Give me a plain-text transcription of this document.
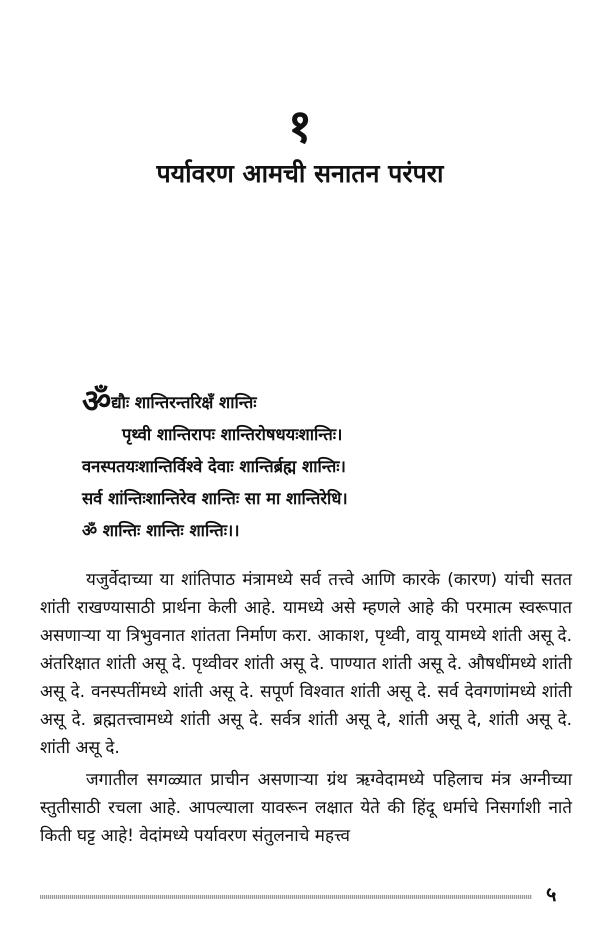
१
पर्यावरण आमची सनातन परंपरा
ॐद्यौः शान्तिरन्तरिक्षँ शान्तिः
पृथ्वी शान्तिरापः शान्तिरोषधयःशान्तिः।
वनस्पतयःशान्तिर्विश्वे देवाः शान्तिर्ब्रह्म शान्तिः।
सर्व शांन्तिःशान्तिरेव शान्तिः सा मा शान्तिरेधि।
ॐ शान्तिः शान्तिः शान्तिः।।

यजुर्वेदाच्या या शांतिपाठ मंत्रामध्ये सर्व तत्त्वे आणि कारके (कारण) यांची सतत शांती राखण्यासाठी प्रार्थना केली आहे. यामध्ये असे म्हणले आहे की परमात्म स्वरूपात असणाऱ्या या त्रिभुवनात शांतता निर्माण करा. आकाश, पृथ्वी, वायू यामध्ये शांती असू दे. अंतरिक्षात शांती असू दे. पृथ्वीवर शांती असू दे. पाण्यात शांती असू दे. औषधींमध्ये शांती असू दे. वनस्पतींमध्ये शांती असू दे. सपूर्ण विश्वात शांती असू दे. सर्व देवगणांमध्ये शांती असू दे. ब्रह्मतत्त्वामध्ये शांती असू दे. सर्वत्र शांती असू दे, शांती असू दे, शांती असू दे. शांती असू दे.

जगातील सगळ्यात प्राचीन असणाऱ्या ग्रंथ ऋग्वेदामध्ये पहिलाच मंत्र अग्नीच्या स्तुतीसाठी रचला आहे. आपल्याला यावरून लक्षात येते की हिंदू धर्माचे निसर्गाशी नाते किती घट्ट आहे! वेदांमध्ये पर्यावरण संतुलनाचे महत्त्व

५
